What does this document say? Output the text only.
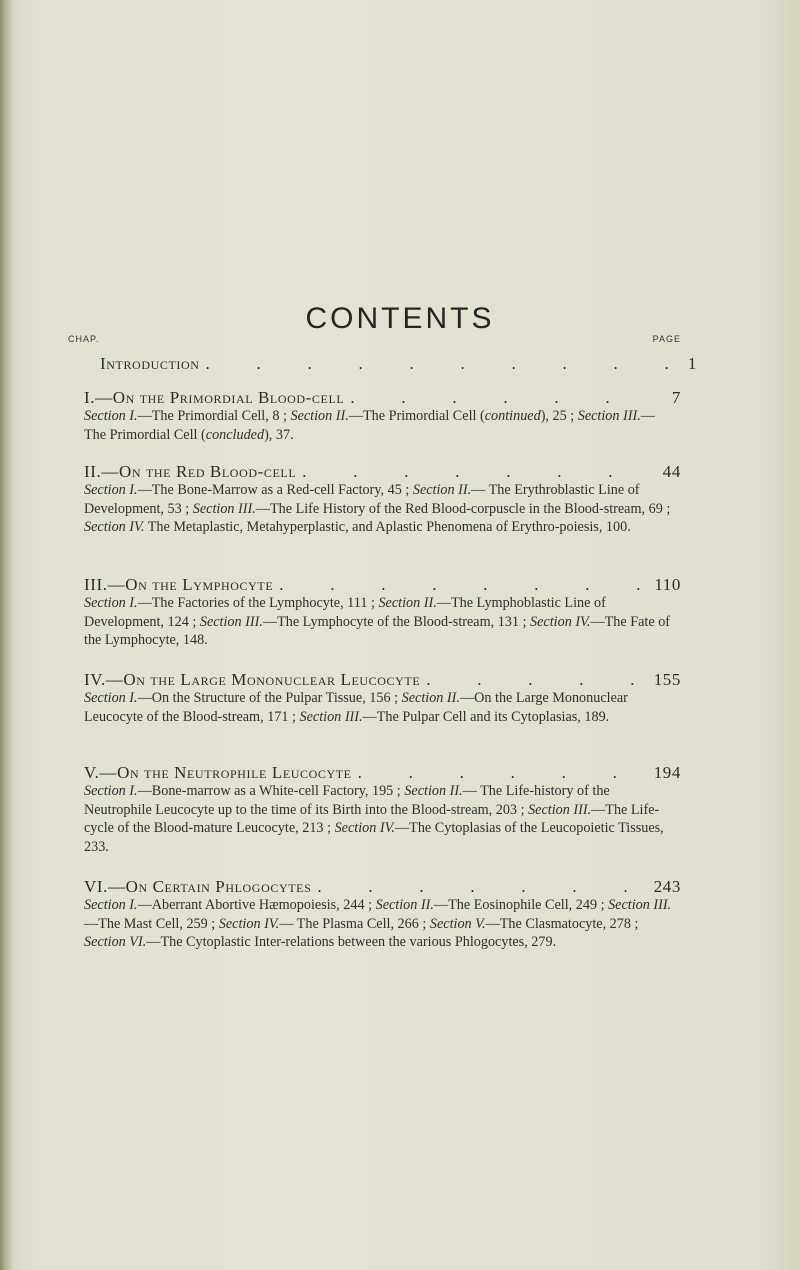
CONTENTS
CHAP.	PAGE
Introduction .	1
I. —On the Primordial Blood-cell .	7
Section I.—The Primordial Cell, 8 ; Section II.—The Primordial Cell (continued), 25 ; Section III.—The Primordial Cell (concluded), 37.
II. —On the Red Blood-cell .	44
Section I.—The Bone-Marrow as a Red-cell Factory, 45 ; Section II.— The Erythroblastic Line of Development, 53 ; Section III.—The Life History of the Red Blood-corpuscle in the Blood-stream, 69 ; Section IV. The Metaplastic, Metahyperplastic, and Aplastic Phenomena of Erythro-poiesis, 100.
III. —On the Lymphocyte .	110
Section I.—The Factories of the Lymphocyte, 111 ; Section II.—The Lymphoblastic Line of Development, 124 ; Section III.—The Lymphocyte of the Blood-stream, 131 ; Section IV.—The Fate of the Lymphocyte, 148.
IV. —On the Large Mononuclear Leucocyte .	155
Section I.—On the Structure of the Pulpar Tissue, 156 ; Section II.—On the Large Mononuclear Leucocyte of the Blood-stream, 171 ; Section III.—The Pulpar Cell and its Cytoplasias, 189.
V. —On the Neutrophile Leucocyte .	194
Section I.—Bone-marrow as a White-cell Factory, 195 ; Section II.— The Life-history of the Neutrophile Leucocyte up to the time of its Birth into the Blood-stream, 203 ; Section III.—The Life-cycle of the Blood-mature Leucocyte, 213 ; Section IV.—The Cytoplasias of the Leucopoietic Tissues, 233.
VI. —On Certain Phlogocytes .	243
Section I.—Aberrant Abortive Hæmopoiesis, 244 ; Section II.—The Eosinophile Cell, 249 ; Section III.—The Mast Cell, 259 ; Section IV.— The Plasma Cell, 266 ; Section V.—The Clasmatocyte, 278 ; Section VI.—The Cytoplastic Inter-relations between the various Phlogocytes, 279.
